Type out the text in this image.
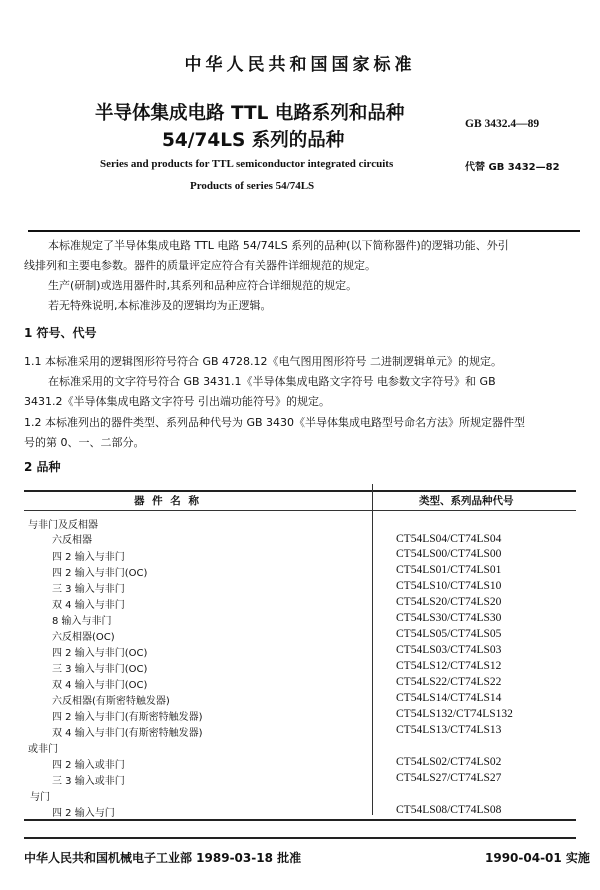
中华人民共和国国家标准
半导体集成电路 TTL 电路系列和品种
54/74LS 系列的品种
GB 3432.4—89
Series and products for TTL semiconductor integrated circuits	代替 GB 3432—82
Products of series 54/74LS
本标准规定了半导体集成电路 TTL 电路 54/74LS 系列的品种(以下简称器件)的逻辑功能、外引
线排列和主要电参数。器件的质量评定应符合有关器件详细规范的规定。
生产(研制)或选用器件时,其系列和品种应符合详细规范的规定。
若无特殊说明,本标准涉及的逻辑均为正逻辑。
1 符号、代号
1.1 本标准采用的逻辑图形符号符合 GB 4728.12《电气图用图形符号 二进制逻辑单元》的规定。
在标准采用的文字符号符合 GB 3431.1《半导体集成电路文字符号 电参数文字符号》和 GB
3431.2《半导体集成电路文字符号 引出端功能符号》的规定。
1.2 本标准列出的器件类型、系列品种代号为 GB 3430《半导体集成电路型号命名方法》所规定器件型
号的第 0、一、二部分。
2 品种
器 件 名 称	类型、系列品种代号
与非门及反相器
六反相器	CT54LS04/CT74LS04
四 2 输入与非门	CT54LS00/CT74LS00
四 2 输入与非门(OC)	CT54LS01/CT74LS01
三 3 输入与非门	CT54LS10/CT74LS10
双 4 输入与非门	CT54LS20/CT74LS20
8 输入与非门	CT54LS30/CT74LS30
六反相器(OC)	CT54LS05/CT74LS05
四 2 输入与非门(OC)	CT54LS03/CT74LS03
三 3 输入与非门(OC)	CT54LS12/CT74LS12
双 4 输入与非门(OC)	CT54LS22/CT74LS22
六反相器(有斯密特触发器)	CT54LS14/CT74LS14
四 2 输入与非门(有斯密特触发器)	CT54LS132/CT74LS132
双 4 输入与非门(有斯密特触发器)	CT54LS13/CT74LS13
或非门
四 2 输入或非门	CT54LS02/CT74LS02
三 3 输入或非门	CT54LS27/CT74LS27
与门
四 2 输入与门	CT54LS08/CT74LS08
中华人民共和国机械电子工业部 1989-03-18 批准	1990-04-01 实施
